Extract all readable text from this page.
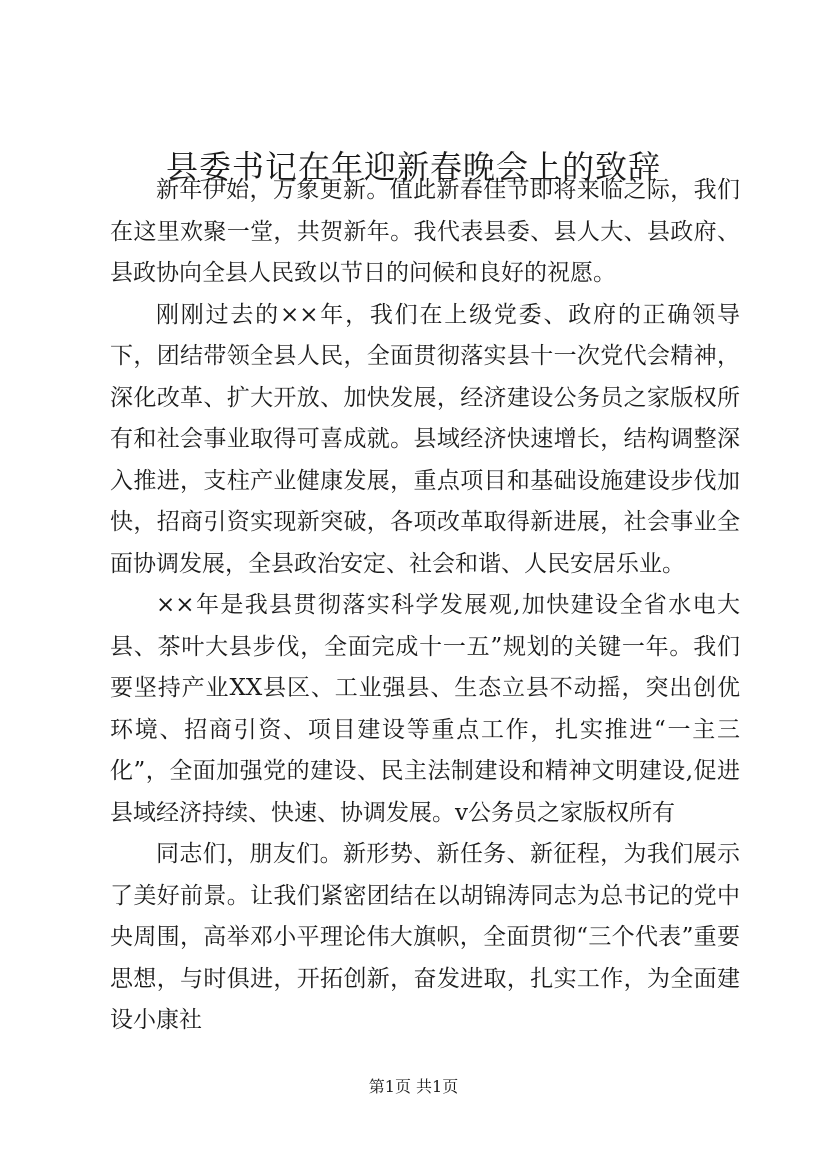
县委书记在年迎新春晚会上的致辞

新年伊始，万象更新。值此新春佳节即将来临之际，我们在这里欢聚一堂，共贺新年。我代表县委、县人大、县政府、县政协向全县人民致以节日的问候和良好的祝愿。

刚刚过去的××年，我们在上级党委、政府的正确领导下，团结带领全县人民，全面贯彻落实县十一次党代会精神，深化改革、扩大开放、加快发展，经济建设公务员之家版权所有和社会事业取得可喜成就。县域经济快速增长，结构调整深入推进，支柱产业健康发展，重点项目和基础设施建设步伐加快，招商引资实现新突破，各项改革取得新进展，社会事业全面协调发展，全县政治安定、社会和谐、人民安居乐业。

××年是我县贯彻落实科学发展观,加快建设全省水电大县、茶叶大县步伐，全面完成十一五”规划的关键一年。我们要坚持产业XX县区、工业强县、生态立县不动摇，突出创优环境、招商引资、项目建设等重点工作，扎实推进“一主三化”，全面加强党的建设、民主法制建设和精神文明建设,促进县域经济持续、快速、协调发展。v公务员之家版权所有

同志们，朋友们。新形势、新任务、新征程，为我们展示了美好前景。让我们紧密团结在以胡锦涛同志为总书记的党中央周围，高举邓小平理论伟大旗帜，全面贯彻“三个代表”重要思想，与时俱进，开拓创新，奋发进取，扎实工作，为全面建设小康社

第1页 共1页
